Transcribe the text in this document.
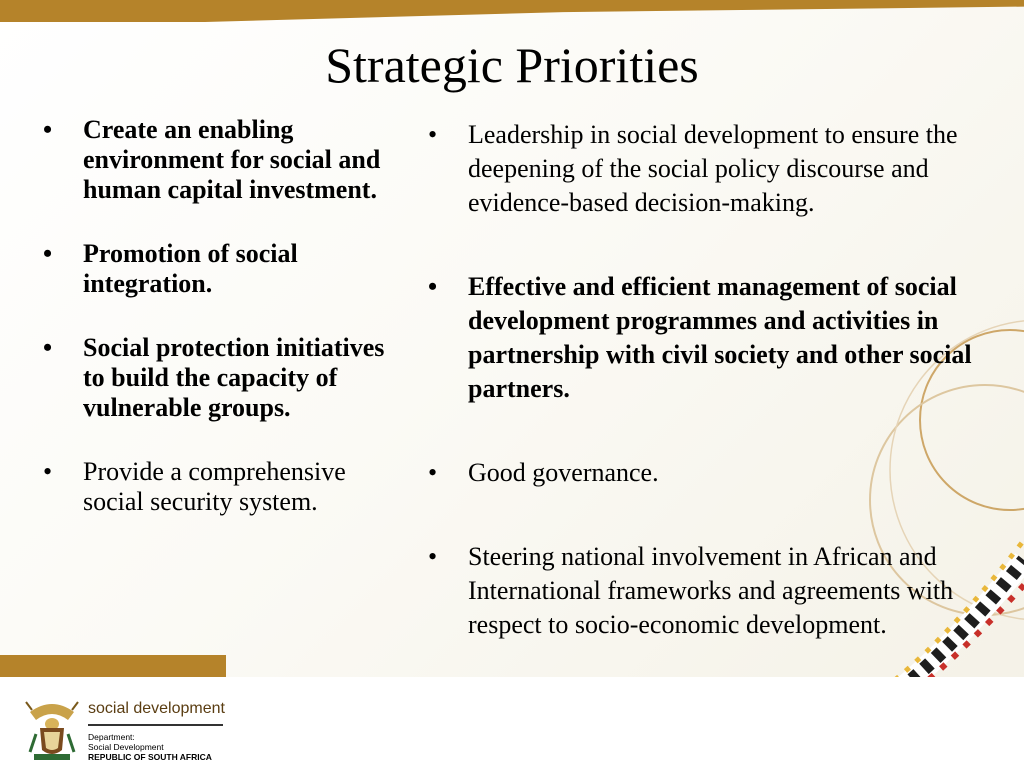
Strategic Priorities
• Create an enabling environment for social and human capital investment.
• Promotion of social integration.
• Social protection initiatives to build the capacity of vulnerable groups.
• Provide a comprehensive social security system.
• Leadership in social development to ensure the deepening of the social policy discourse and evidence-based decision-making.
• Effective and efficient management of social development programmes and activities in partnership with civil society and other social partners.
• Good governance.
• Steering national involvement in African and International frameworks and agreements with respect to socio-economic development.
social development
Department:
Social Development
REPUBLIC OF SOUTH AFRICA
